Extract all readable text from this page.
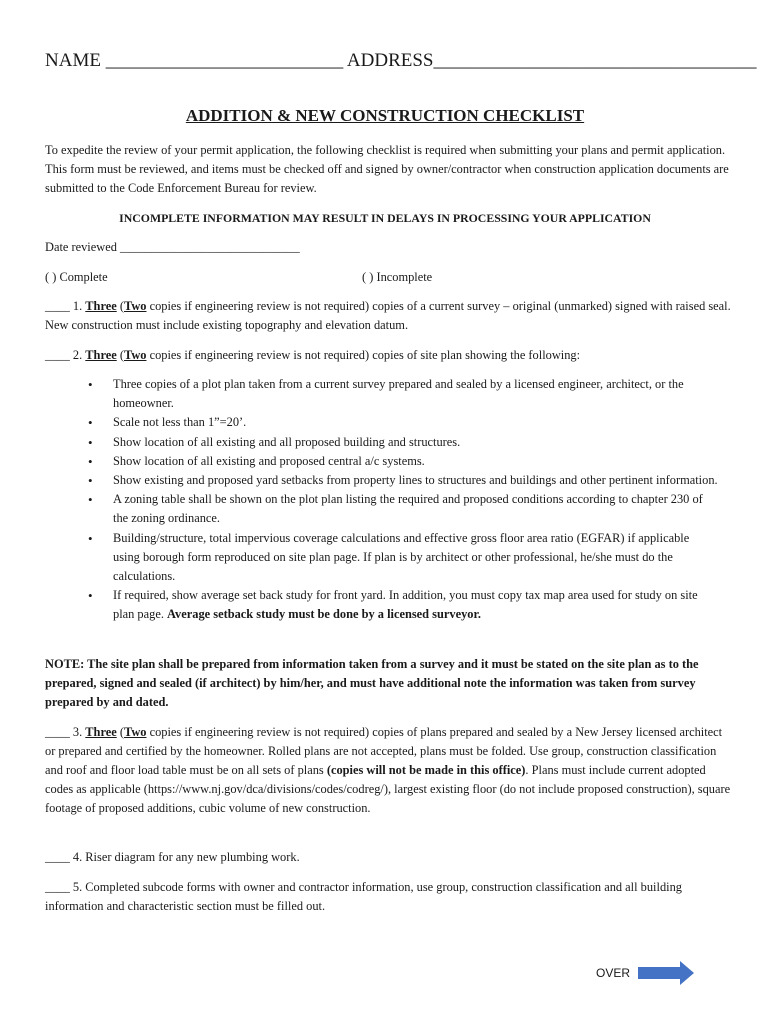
NAME _________________________ ADDRESS__________________________________
ADDITION & NEW CONSTRUCTION CHECKLIST
To expedite the review of your permit application, the following checklist is required when submitting your plans and permit application. This form must be reviewed, and items must be checked off and signed by owner/contractor when construction application documents are submitted to the Code Enforcement Bureau for review.
INCOMPLETE INFORMATION MAY RESULT IN DELAYS IN PROCESSING YOUR APPLICATION
Date reviewed _____________________________
( ) Complete	( ) Incomplete
____ 1. Three (Two copies if engineering review is not required) copies of a current survey – original (unmarked) signed with raised seal. New construction must include existing topography and elevation datum.
____ 2. Three (Two copies if engineering review is not required) copies of site plan showing the following:
• Three copies of a plot plan taken from a current survey prepared and sealed by a licensed engineer, architect, or the homeowner.
• Scale not less than 1”=20’.
• Show location of all existing and all proposed building and structures.
• Show location of all existing and proposed central a/c systems.
• Show existing and proposed yard setbacks from property lines to structures and buildings and other pertinent information.
• A zoning table shall be shown on the plot plan listing the required and proposed conditions according to chapter 230 of the zoning ordinance.
• Building/structure, total impervious coverage calculations and effective gross floor area ratio (EGFAR) if applicable using borough form reproduced on site plan page. If plan is by architect or other professional, he/she must do the calculations.
• If required, show average set back study for front yard. In addition, you must copy tax map area used for study on site plan page. Average setback study must be done by a licensed surveyor.
NOTE: The site plan shall be prepared from information taken from a survey and it must be stated on the site plan as to the prepared, signed and sealed (if architect) by him/her, and must have additional note the information was taken from survey prepared by and dated.
____ 3. Three (Two copies if engineering review is not required) copies of plans prepared and sealed by a New Jersey licensed architect or prepared and certified by the homeowner. Rolled plans are not accepted, plans must be folded. Use group, construction classification and roof and floor load table must be on all sets of plans (copies will not be made in this office). Plans must include current adopted codes as applicable (https://www.nj.gov/dca/divisions/codes/codreg/), largest existing floor (do not include proposed construction), square footage of proposed additions, cubic volume of new construction.
____ 4. Riser diagram for any new plumbing work.
____ 5. Completed subcode forms with owner and contractor information, use group, construction classification and all building information and characteristic section must be filled out.
OVER
